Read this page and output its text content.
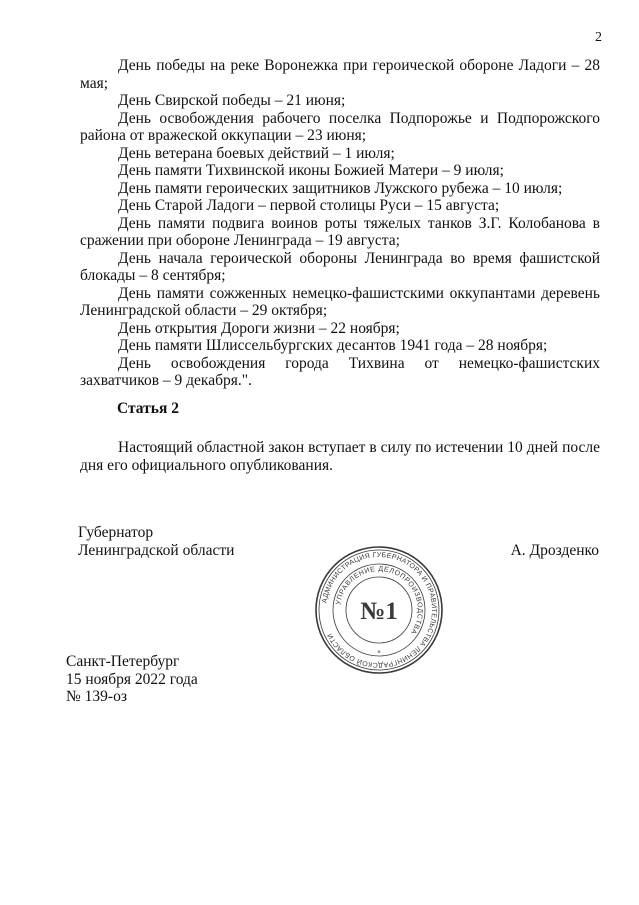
2

День победы на реке Воронежка при героической обороне Ладоги – 28 мая;

День Свирской победы – 21 июня;

День освобождения рабочего поселка Подпорожье и Подпорожского района от вражеской оккупации – 23 июня;

День ветерана боевых действий – 1 июля;

День памяти Тихвинской иконы Божией Матери – 9 июля;

День памяти героических защитников Лужского рубежа – 10 июля;

День Старой Ладоги – первой столицы Руси – 15 августа;

День памяти подвига воинов роты тяжелых танков З.Г. Колобанова в сражении при обороне Ленинграда – 19 августа;

День начала героической обороны Ленинграда во время фашистской блокады – 8 сентября;

День памяти сожженных немецко-фашистскими оккупантами деревень Ленинградской области – 29 октября;

День открытия Дороги жизни – 22 ноября;

День памяти Шлиссельбургских десантов 1941 года – 28 ноября;

День освобождения города Тихвина от немецко-фашистских захватчиков – 9 декабря.".

Статья 2

Настоящий областной закон вступает в силу по истечении 10 дней после дня его официального опубликования.

Губернатор
Ленинградской области	А. Дрозденко
АДМИНИСТРАЦИЯ ГУБЕРНАТОРА И ПРАВИТЕЛЬСТВА ЛЕНИНГРАДСКОЙ ОБЛАСТИ
УПРАВЛЕНИЕ ДЕЛОПРОИЗВОДСТВА
№1
*
Санкт-Петербург
15 ноября 2022 года
№ 139-оз
